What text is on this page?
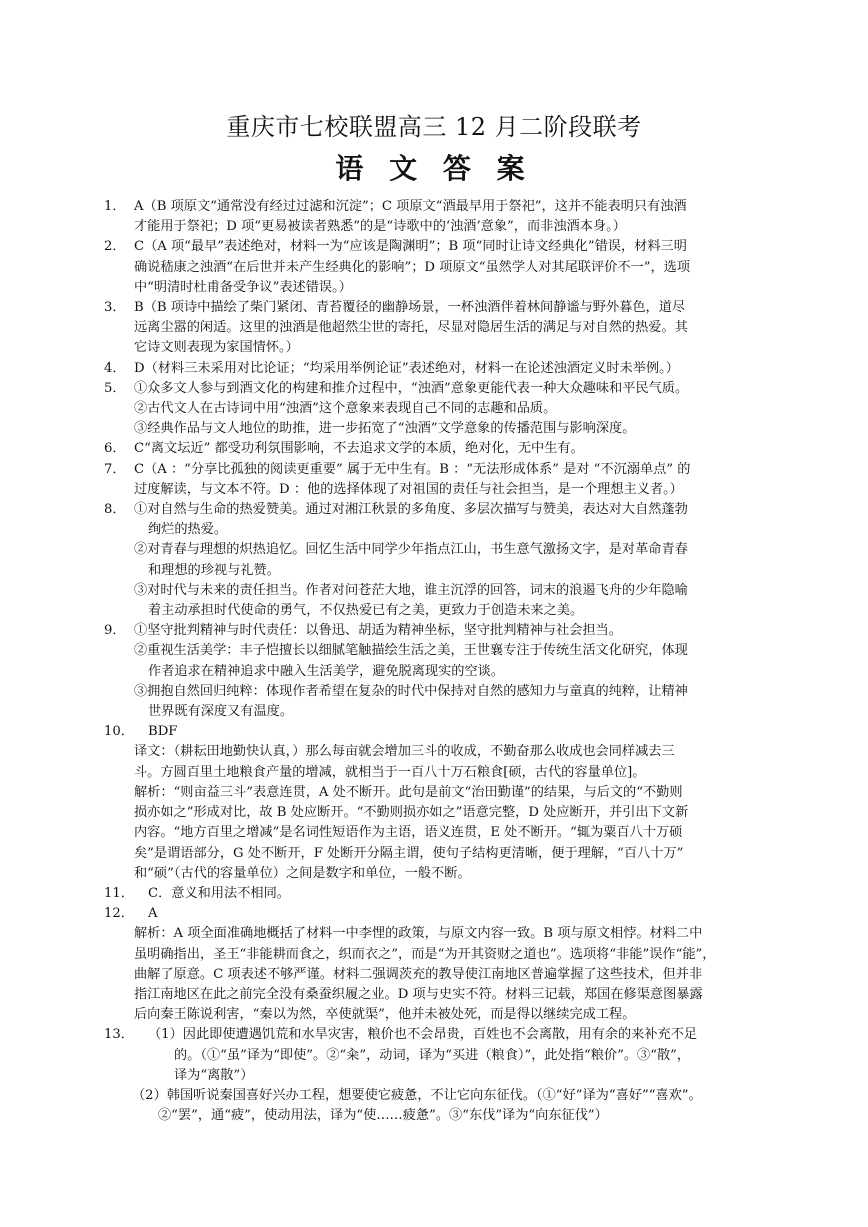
重庆市七校联盟高三 12 月二阶段联考
语 文 答 案
1． A（B 项原文“通常没有经过过滤和沉淀”；C 项原文“酒最早用于祭祀”，这并不能表明只有浊酒
才能用于祭祀；D 项“更易被读者熟悉”的是“诗歌中的‘浊酒’意象”，而非浊酒本身。）
2． C（A 项“最早”表述绝对，材料一为“应该是陶渊明”；B 项“同时让诗文经典化”错误，材料三明
确说嵇康之浊酒“在后世并未产生经典化的影响”；D 项原文“虽然学人对其尾联评价不一”，选项
中“明清时杜甫备受争议”表述错误。）
3． B（B 项诗中描绘了柴门紧闭、青苔覆径的幽静场景，一杯浊酒伴着林间静谧与野外暮色，道尽
远离尘嚣的闲适。这里的浊酒是他超然尘世的寄托，尽显对隐居生活的满足与对自然的热爱。其
它诗文则表现为家国情怀。）
4． D（材料三未采用对比论证；“均采用举例论证”表述绝对，材料一在论述浊酒定义时未举例。）
5． ①众多文人参与到酒文化的构建和推介过程中，“浊酒”意象更能代表一种大众趣味和平民气质。
②古代文人在古诗词中用“浊酒”这个意象来表现自己不同的志趣和品质。
③经典作品与文人地位的助推，进一步拓宽了“浊酒”文学意象的传播范围与影响深度。
6． C“离文坛近” 都受功利氛围影响，不去追求文学的本质，绝对化，无中生有。
7． C（A ：“分享比孤独的阅读更重要” 属于无中生有。B ：“无法形成体系” 是对 “不沉溺单点” 的
过度解读，与文本不符。D ：他的选择体现了对祖国的责任与社会担当，是一个理想主义者。）
8． ①对自然与生命的热爱赞美。通过对湘江秋景的多角度、多层次描写与赞美，表达对大自然蓬勃
绚烂的热爱。
②对青春与理想的炽热追忆。回忆生活中同学少年指点江山，书生意气激扬文字，是对革命青春
和理想的珍视与礼赞。
③对时代与未来的责任担当。作者对问苍茫大地，谁主沉浮的回答，词末的浪遏飞舟的少年隐喻
着主动承担时代使命的勇气，不仅热爱已有之美，更致力于创造未来之美。
9． ①坚守批判精神与时代责任：以鲁迅、胡适为精神坐标，坚守批判精神与社会担当。
②重视生活美学：丰子恺擅长以细腻笔触描绘生活之美，王世襄专注于传统生活文化研究，体现
作者追求在精神追求中融入生活美学，避免脱离现实的空谈。
③拥抱自然回归纯粹：体现作者希望在复杂的时代中保持对自然的感知力与童真的纯粹，让精神
世界既有深度又有温度。
10．	BDF
译文：（耕耘田地勤快认真，）那么每亩就会增加三斗的收成，不勤奋那么收成也会同样减去三
斗。方圆百里土地粮食产量的增减，就相当于一百八十万石粮食[硕，古代的容量单位]。
解析：“则亩益三斗”表意连贯，A 处不断开。此句是前文“治田勤谨”的结果，与后文的“不勤则
损亦如之”形成对比，故 B 处应断开。“不勤则损亦如之”语意完整，D 处应断开，并引出下文新
内容。“地方百里之增减”是名词性短语作为主语，语义连贯，E 处不断开。“辄为粟百八十万硕
矣”是谓语部分，G 处不断开，F 处断开分隔主谓，使句子结构更清晰，便于理解，“百八十万”
和“硕”（古代的容量单位）之间是数字和单位，一般不断。
11．	C．意义和用法不相同。
12．	A
解析：A 项全面准确地概括了材料一中李悝的政策，与原文内容一致。B 项与原文相悖。材料二中
虽明确指出，圣王“非能耕而食之，织而衣之”，而是“为开其资财之道也”。选项将“非能”误作“能”，
曲解了原意。C 项表述不够严谨。材料二强调茨充的教导使江南地区普遍掌握了这些技术，但并非
指江南地区在此之前完全没有桑蚕织履之业。D 项与史实不符。材料三记载，郑国在修渠意图暴露
后向秦王陈说利害，“秦以为然，卒使就渠”，他并未被处死，而是得以继续完成工程。
13．	（1）因此即使遭遇饥荒和水旱灾害，粮价也不会昂贵，百姓也不会离散，用有余的来补充不足
的。（①“虽”译为“即使”。②“籴”，动词，译为“买进（粮食）”，此处指“粮价”。③“散”，
译为“离散”）
（2）韩国听说秦国喜好兴办工程，想要使它疲惫，不让它向东征伐。（①“好”译为“喜好”“喜欢”。
②“罢”，通“疲”，使动用法，译为“使……疲惫”。③“东伐”译为“向东征伐”）
